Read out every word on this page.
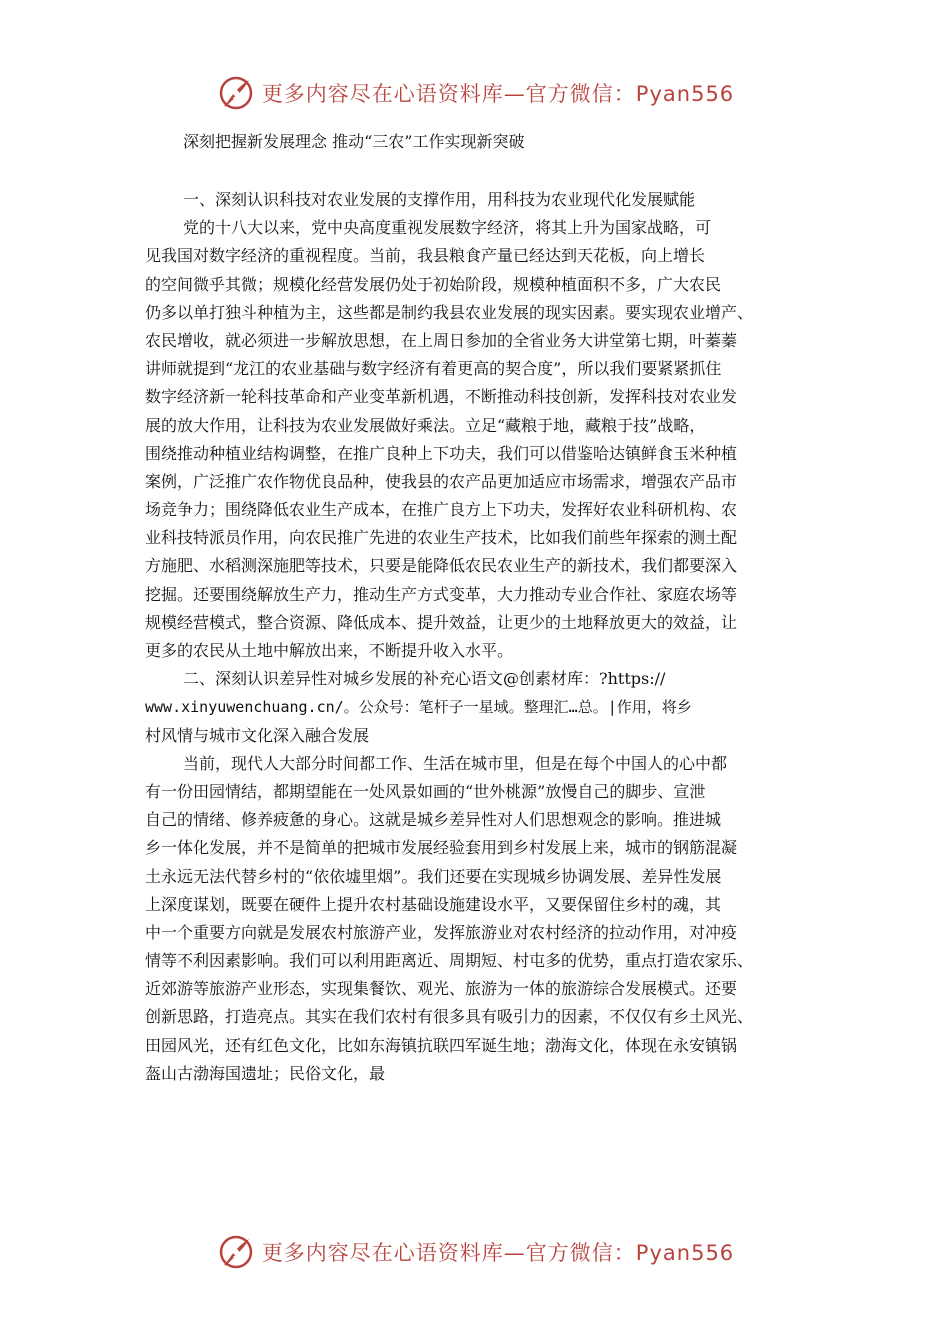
更多内容尽在心语资料库—官方微信：Pyan556
深刻把握新发展理念 推动“三农”工作实现新突破
一、深刻认识科技对农业发展的支撑作用，用科技为农业现代化发展赋能
党的十八大以来，党中央高度重视发展数字经济，将其上升为国家战略，可
见我国对数字经济的重视程度。当前，我县粮食产量已经达到天花板，向上增长
的空间微乎其微；规模化经营发展仍处于初始阶段，规模种植面积不多，广大农民
仍多以单打独斗种植为主，这些都是制约我县农业发展的现实因素。要实现农业增产、
农民增收，就必须进一步解放思想，在上周日参加的全省业务大讲堂第七期，叶蓁蓁
讲师就提到“龙江的农业基础与数字经济有着更高的契合度”，所以我们要紧紧抓住
数字经济新一轮科技革命和产业变革新机遇，不断推动科技创新，发挥科技对农业发
展的放大作用，让科技为农业发展做好乘法。立足“藏粮于地，藏粮于技”战略，
围绕推动种植业结构调整，在推广良种上下功夫，我们可以借鉴哈达镇鲜食玉米种植
案例，广泛推广农作物优良品种，使我县的农产品更加适应市场需求，增强农产品市
场竞争力；围绕降低农业生产成本，在推广良方上下功夫，发挥好农业科研机构、农
业科技特派员作用，向农民推广先进的农业生产技术，比如我们前些年探索的测土配
方施肥、水稻测深施肥等技术，只要是能降低农民农业生产的新技术，我们都要深入
挖掘。还要围绕解放生产力，推动生产方式变革，大力推动专业合作社、家庭农场等
规模经营模式，整合资源、降低成本、提升效益，让更少的土地释放更大的效益，让
更多的农民从土地中解放出来，不断提升收入水平。
二、深刻认识差异性对城乡发展的补充心语文@创素材库：?https://
www.xinyuwenchuang.cn/。公众号：笔杆子一星域。整理汇…总。|作用，将乡
村风情与城市文化深入融合发展
当前，现代人大部分时间都工作、生活在城市里，但是在每个中国人的心中都
有一份田园情结，都期望能在一处风景如画的“世外桃源”放慢自己的脚步、宣泄
自己的情绪、修养疲惫的身心。这就是城乡差异性对人们思想观念的影响。推进城
乡一体化发展，并不是简单的把城市发展经验套用到乡村发展上来，城市的钢筋混凝
土永远无法代替乡村的“依依墟里烟”。我们还要在实现城乡协调发展、差异性发展
上深度谋划，既要在硬件上提升农村基础设施建设水平，又要保留住乡村的魂，其
中一个重要方向就是发展农村旅游产业，发挥旅游业对农村经济的拉动作用，对冲疫
情等不利因素影响。我们可以利用距离近、周期短、村屯多的优势，重点打造农家乐、
近郊游等旅游产业形态，实现集餐饮、观光、旅游为一体的旅游综合发展模式。还要
创新思路，打造亮点。其实在我们农村有很多具有吸引力的因素，不仅仅有乡土风光、
田园风光，还有红色文化，比如东海镇抗联四军诞生地；渤海文化，体现在永安镇锅
盔山古渤海国遗址；民俗文化，最
更多内容尽在心语资料库—官方微信：Pyan556
